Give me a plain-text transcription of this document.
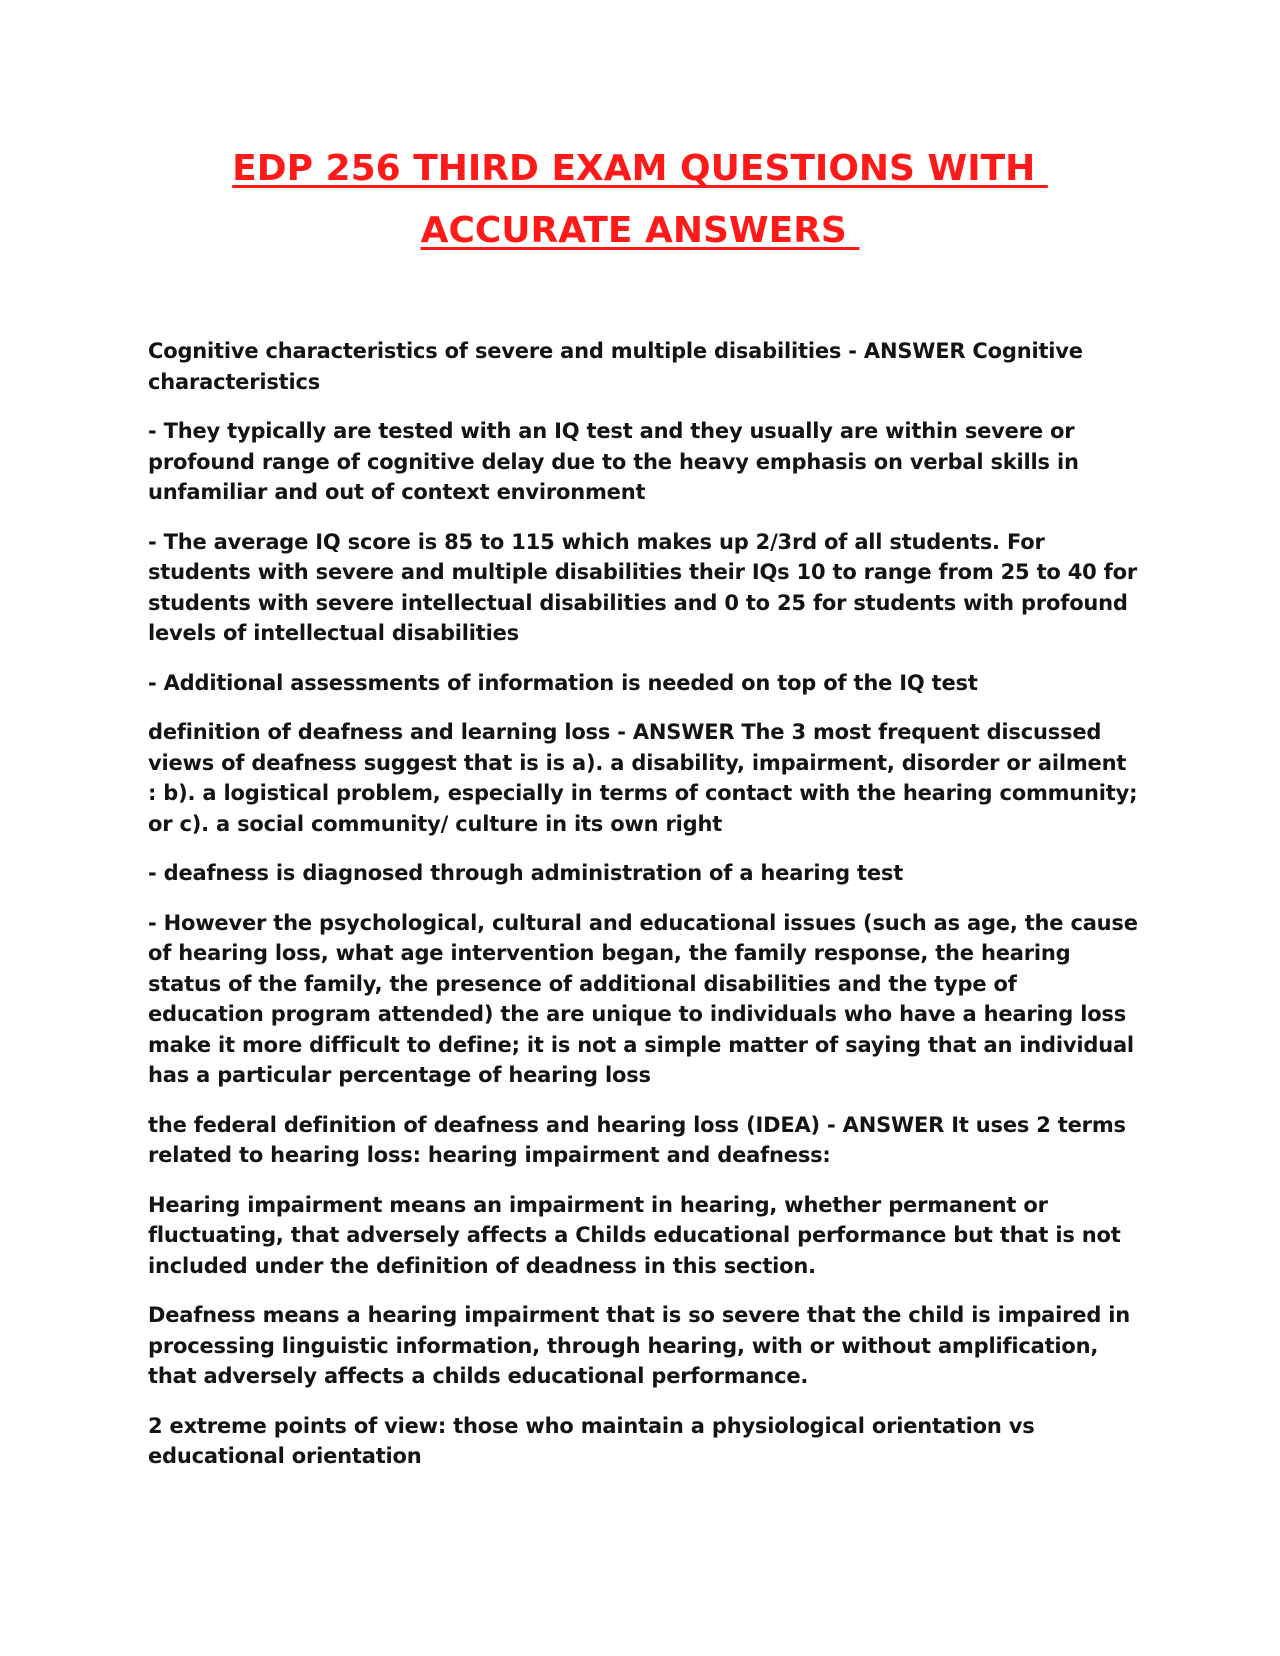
EDP 256 THIRD EXAM QUESTIONS WITH
ACCURATE ANSWERS

Cognitive characteristics of severe and multiple disabilities - ANSWER Cognitive characteristics

- They typically are tested with an IQ test and they usually are within severe or profound range of cognitive delay due to the heavy emphasis on verbal skills in unfamiliar and out of context environment

- The average IQ score is 85 to 115 which makes up 2/3rd of all students. For students with severe and multiple disabilities their IQs 10 to range from 25 to 40 for students with severe intellectual disabilities and 0 to 25 for students with profound levels of intellectual disabilities

- Additional assessments of information is needed on top of the IQ test

definition of deafness and learning loss - ANSWER The 3 most frequent discussed views of deafness suggest that is is a). a disability, impairment, disorder or ailment : b). a logistical problem, especially in terms of contact with the hearing community; or c). a social community/ culture in its own right

- deafness is diagnosed through administration of a hearing test

- However the psychological, cultural and educational issues (such as age, the cause of hearing loss, what age intervention began, the family response, the hearing status of the family, the presence of additional disabilities and the type of education program attended) the are unique to individuals who have a hearing loss make it more difficult to define; it is not a simple matter of saying that an individual has a particular percentage of hearing loss

the federal definition of deafness and hearing loss (IDEA) - ANSWER It uses 2 terms related to hearing loss: hearing impairment and deafness:

Hearing impairment means an impairment in hearing, whether permanent or fluctuating, that adversely affects a Childs educational performance but that is not included under the definition of deadness in this section.

Deafness means a hearing impairment that is so severe that the child is impaired in processing linguistic information, through hearing, with or without amplification, that adversely affects a childs educational performance.

2 extreme points of view: those who maintain a physiological orientation vs educational orientation
